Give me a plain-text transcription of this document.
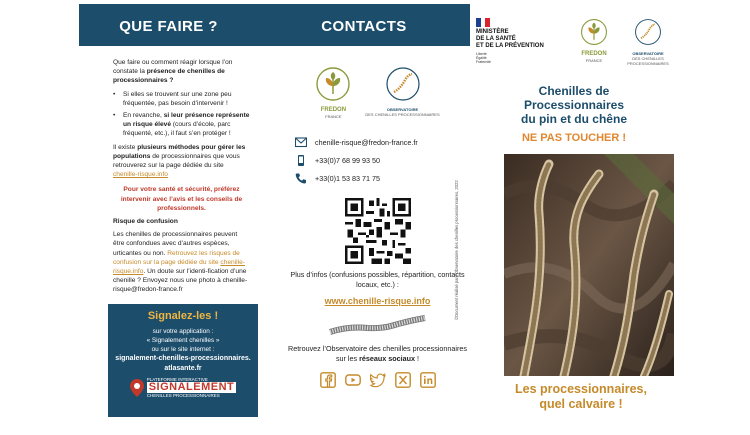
QUE FAIRE ?

Que faire ou comment réagir lorsque l’on constate la présence de chenilles de processionnaires ?

• Si elles se trouvent sur une zone peu fréquentée, pas besoin d’intervenir !
• En revanche, si leur présence représente un risque élevé (cours d’école, parc fréquenté, etc.), il faut s’en protéger !

Il existe plusieurs méthodes pour gérer les populations de processionnaires que vous retrouverez sur la page dédiée du site chenille-risque.info

Pour votre santé et sécurité, préférez intervenir avec l’avis et les conseils de professionnels.

Risque de confusion

Les chenilles de processionnaires peuvent être confondues avec d’autres espèces, urticantes ou non. Retrouvez les risques de confusion sur la page dédiée du site chenille-risque.info. Un doute sur l’identi-fication d’une chenille ? Envoyez nous une photo à chenille-risque@fredon-france.fr

Signalez-les !
sur votre application :
« Signalement chenilles »
ou sur le site internet :
signalement-chenilles-processionnaires.
atlasante.fr
PLATEFORME INTERACTIVE
SIGNALEMENT
CHENILLES PROCESSIONNAIRES
CONTACTS
FREDON
FRANCE
OBSERVATOIRE
DES CHENILLES PROCESSIONNAIRES
chenille-risque@fredon-france.fr
+33(0)7 68 99 93 50
+33(0)1 53 83 71 75
Plus d’infos (confusions possibles, répartition, contacts locaux, etc.) :
www.chenille-risque.info
Retrouvez l’Observatoire des chenilles processionnaires sur les réseaux sociaux !
MINISTÈRE
DE LA SANTÉ
ET DE LA PRÉVENTION
Liberté
Égalité
Fraternité
FREDON
FRANCE
OBSERVATOIRE
DES CHENILLES PROCESSIONNAIRES
Chenilles de
Processionnaires
du pin et du chêne
NE PAS TOUCHER !
Les processionnaires,
quel calvaire !
©Document réalisé par l’Observatoire des chenilles processionnaires, 2022
